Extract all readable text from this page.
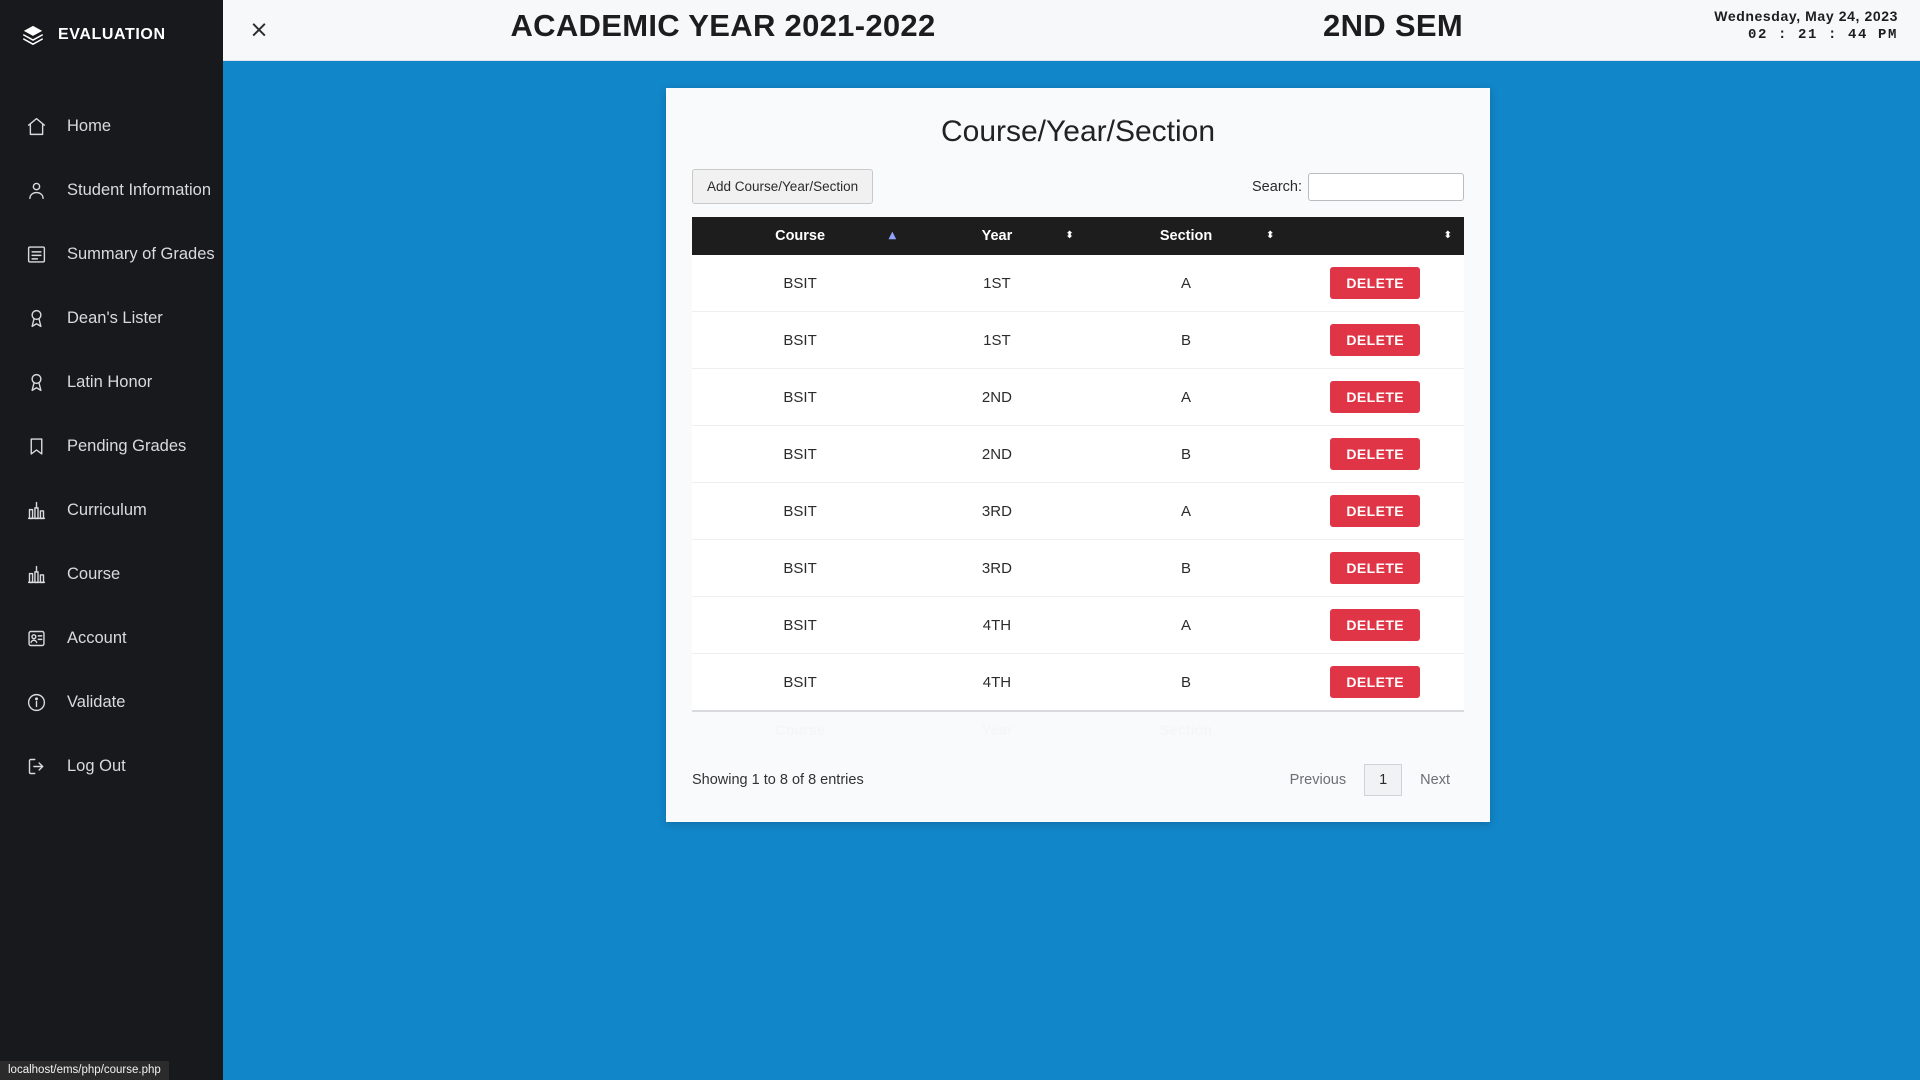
EVALUATION
Home
Student Information
Summary of Grades
Dean's Lister
Latin Honor
Pending Grades
Curriculum
Course
Account
Validate
Log Out
×	ACADEMIC YEAR 2021-2022	2ND SEM	Wednesday, May 24, 2023
02 : 21 : 44 PM
Course/Year/Section
Add Course/Year/Section	Search:
Course ▲	Year ⬍	Section ⬍	⬍

BSIT	1ST	A	DELETE
BSIT	1ST	B	DELETE
BSIT	2ND	A	DELETE
BSIT	2ND	B	DELETE
BSIT	3RD	A	DELETE
BSIT	3RD	B	DELETE
BSIT	4TH	A	DELETE
BSIT	4TH	B	DELETE
Course	Year	Section	
Showing 1 to 8 of 8 entries	Previous	1	Next
localhost/ems/php/course.php
